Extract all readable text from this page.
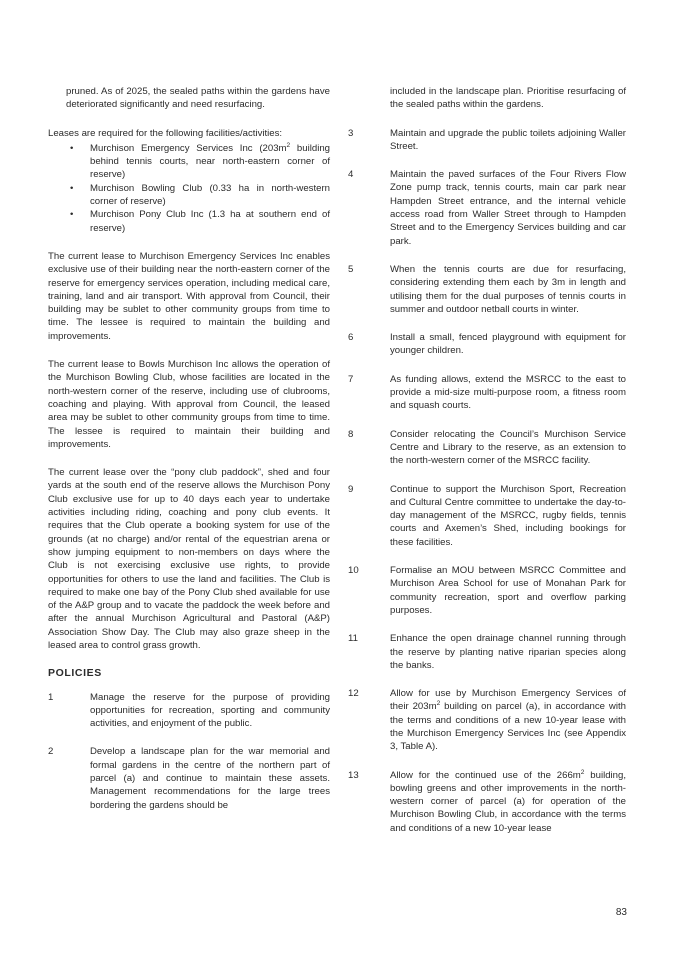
pruned. As of 2025, the sealed paths within the gardens have deteriorated significantly and need resurfacing.

Leases are required for the following facilities/activities:

• Murchison Emergency Services Inc ($203m^2$ building behind tennis courts, near north-eastern corner of reserve)
• Murchison Bowling Club (0.33 ha in north-western corner of reserve)
• Murchison Pony Club Inc (1.3 ha at southern end of reserve)

The current lease to Murchison Emergency Services Inc enables exclusive use of their building near the north-eastern corner of the reserve for emergency services operation, including medical care, training, land and air transport. With approval from Council, their building may be sublet to other community groups from time to time. The lessee is required to maintain the building and improvements.

The current lease to Bowls Murchison Inc allows the operation of the Murchison Bowling Club, whose facilities are located in the north-western corner of the reserve, including use of clubrooms, coaching and playing. With approval from Council, the leased area may be sublet to other community groups from time to time. The lessee is required to maintain their building and improvements.

The current lease over the “pony club paddock”, shed and four yards at the south end of the reserve allows the Murchison Pony Club exclusive use for up to 40 days each year to undertake activities including riding, coaching and pony club events. It requires that the Club operate a booking system for use of the grounds (at no charge) and/or rental of the equestrian arena or show jumping equipment to non-members on days where the Club is not exercising exclusive use rights, to provide opportunities for others to use the land and facilities. The Club is required to make one bay of the Pony Club shed available for use of the A&P group and to vacate the paddock the week before and after the annual Murchison Agricultural and Pastoral (A&P) Association Show Day. The Club may also graze sheep in the leased area to control grass growth.

POLICIES
1	Manage the reserve for the purpose of providing opportunities for recreation, sporting and community activities, and enjoyment of the public.
2	Develop a landscape plan for the war memorial and formal gardens in the centre of the northern part of parcel (a) and continue to maintain these assets. Management recommendations for the large trees bordering the gardens should be

included in the landscape plan. Prioritise resurfacing of the sealed paths within the gardens.

3	Maintain and upgrade the public toilets adjoining Waller Street.
4	Maintain the paved surfaces of the Four Rivers Flow Zone pump track, tennis courts, main car park near Hampden Street entrance, and the internal vehicle access road from Waller Street through to Hampden Street and to the Emergency Services building and car park.
5	When the tennis courts are due for resurfacing, considering extending them each by 3m in length and utilising them for the dual purposes of tennis courts in summer and outdoor netball courts in winter.
6	Install a small, fenced playground with equipment for younger children.
7	As funding allows, extend the MSRCC to the east to provide a mid-size multi-purpose room, a fitness room and squash courts.
8	Consider relocating the Council’s Murchison Service Centre and Library to the reserve, as an extension to the north-western corner of the MSRCC facility.
9	Continue to support the Murchison Sport, Recreation and Cultural Centre committee to undertake the day-to-day management of the MSRCC, rugby fields, tennis courts and Axemen’s Shed, including bookings for these facilities.
10	Formalise an MOU between MSRCC Committee and Murchison Area School for use of Monahan Park for community recreation, sport and overflow parking purposes.
11	Enhance the open drainage channel running through the reserve by planting native riparian species along the banks.
12	Allow for use by Murchison Emergency Services of their $203m^2$ building on parcel (a), in accordance with the terms and conditions of a new 10-year lease with the Murchison Emergency Services Inc (see Appendix 3, Table A).
13	Allow for the continued use of the $266m^2$ building, bowling greens and other improvements in the north-western corner of parcel (a) for operation of the Murchison Bowling Club, in accordance with the terms and conditions of a new 10-year lease
83
